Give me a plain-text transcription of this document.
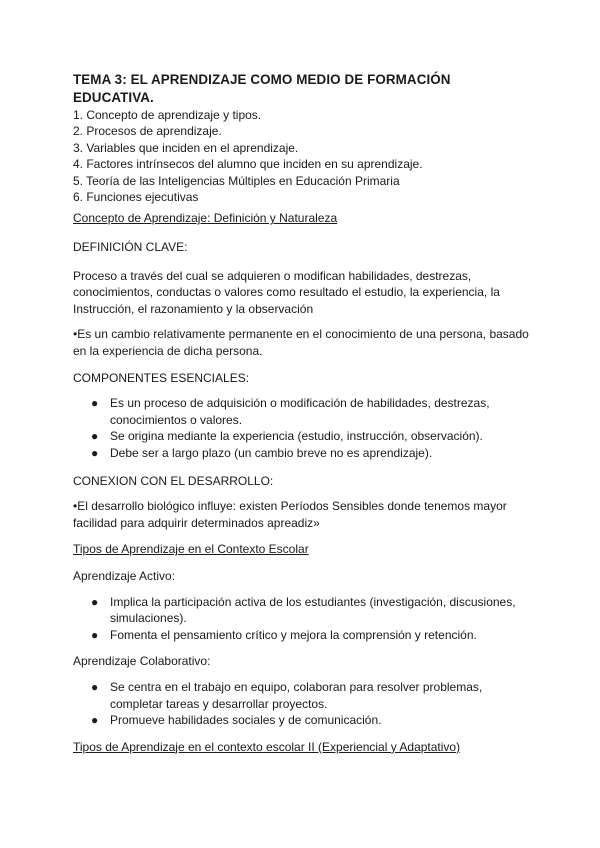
TEMA 3: EL APRENDIZAJE COMO MEDIO DE FORMACIÓN EDUCATIVA.
1. Concepto de aprendizaje y tipos.
2. Procesos de aprendizaje.
3. Variables que inciden en el aprendizaje.
4. Factores intrínsecos del alumno que inciden en su aprendizaje.
5. Teoría de las Inteligencias Múltiples en Educación Primaria
6. Funciones ejecutivas

Concepto de Aprendizaje: Definición y Naturaleza

DEFINICIÓN CLAVE:

Proceso a través del cual se adquieren o modifican habilidades, destrezas, conocimientos, conductas o valores como resultado el estudio, la experiencia, la Instrucción, el razonamiento y la observación

•Es un cambio relativamente permanente en el conocimiento de una persona, basado en la experiencia de dicha persona.

COMPONENTES ESENCIALES:

● Es un proceso de adquisición o modificación de habilidades, destrezas, conocimientos o valores.
● Se origina mediante la experiencia (estudio, instrucción, observación).
● Debe ser a largo plazo (un cambio breve no es aprendizaje).

CONEXION CON EL DESARROLLO:

•El desarrollo biológico influye: existen Períodos Sensibles donde tenemos mayor facilidad para adquirir determinados apreadiz»

Tipos de Aprendizaje en el Contexto Escolar

Aprendizaje Activo:

● Implica la participación activa de los estudiantes (investigación, discusiones, simulaciones).
● Fomenta el pensamiento crítico y mejora la comprensión y retención.

Aprendizaje Colaborativo:

● Se centra en el trabajo en equipo, colaboran para resolver problemas, completar tareas y desarrollar proyectos.
● Promueve habilidades sociales y de comunicación.

Tipos de Aprendizaje en el contexto escolar II (Experiencial y Adaptativo)
